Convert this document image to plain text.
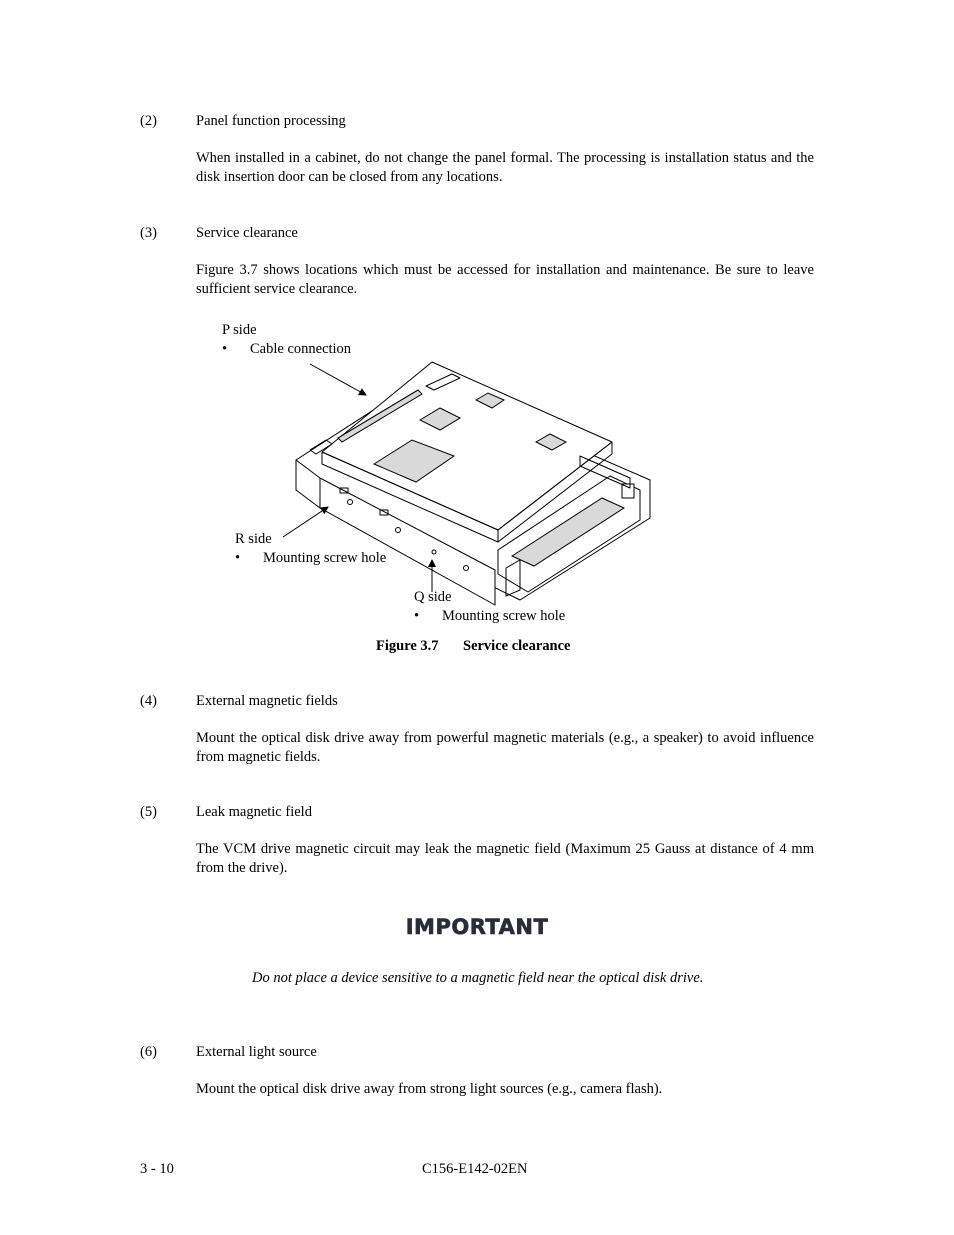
(2)	Panel function processing
When installed in a cabinet, do not change the panel formal. The processing is installation status and the disk insertion door can be closed from any locations.
(3)	Service clearance
Figure 3.7 shows locations which must be accessed for installation and maintenance. Be sure to leave sufficient service clearance.
P side
• Cable connection
R side
• Mounting screw hole
Q side
• Mounting screw hole
Figure 3.7 Service clearance
(4)	External magnetic fields
Mount the optical disk drive away from powerful magnetic materials (e.g., a speaker) to avoid influence from magnetic fields.
(5)	Leak magnetic field
The VCM drive magnetic circuit may leak the magnetic field (Maximum 25 Gauss at distance of 4 mm from the drive).
IMPORTANT
Do not place a device sensitive to a magnetic field near the optical disk drive.
(6)	External light source
Mount the optical disk drive away from strong light sources (e.g., camera flash).
3 - 10	C156-E142-02EN
